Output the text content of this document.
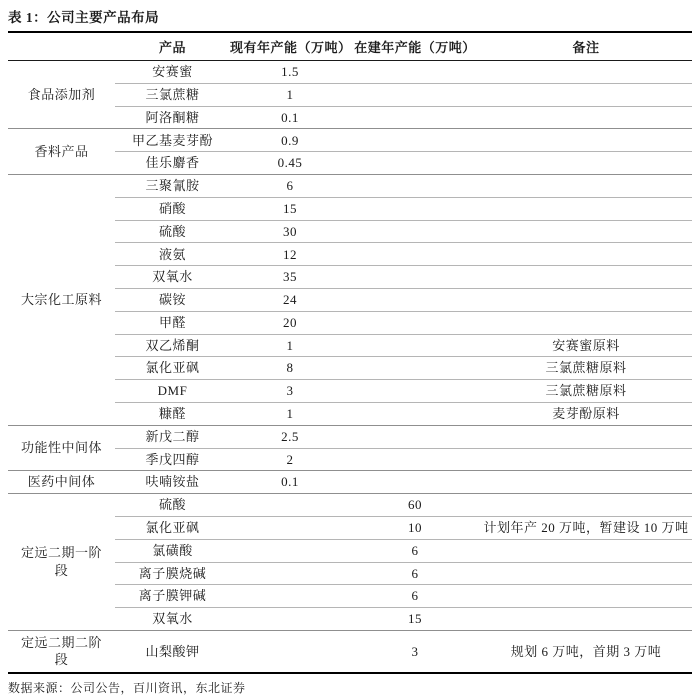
表 1：公司主要产品布局
	产品	现有年产能（万吨）	在建年产能（万吨）	备注
食品添加剂	安赛蜜	1.5		
	三氯蔗糖	1		
	阿洛酮糖	0.1		
香料产品	甲乙基麦芽酚	0.9		
	佳乐麝香	0.45		
大宗化工原料	三聚氰胺	6		
	硝酸	15		
	硫酸	30		
	液氨	12		
	双氧水	35		
	碳铵	24		
	甲醛	20		
	双乙烯酮	1		安赛蜜原料
	氯化亚砜	8		三氯蔗糖原料
	DMF	3		三氯蔗糖原料
	糠醛	1		麦芽酚原料
功能性中间体	新戊二醇	2.5		
	季戊四醇	2		
医药中间体	呋喃铵盐	0.1		
定远二期一阶段	硫酸		60	
	氯化亚砜		10	计划年产 20 万吨，暂建设 10 万吨
	氯磺酸		6	
	离子膜烧碱		6	
	离子膜钾碱		6	
	双氧水		15	
定远二期二阶段	山梨酸钾		3	规划 6 万吨，首期 3 万吨
数据来源：公司公告，百川资讯，东北证券
